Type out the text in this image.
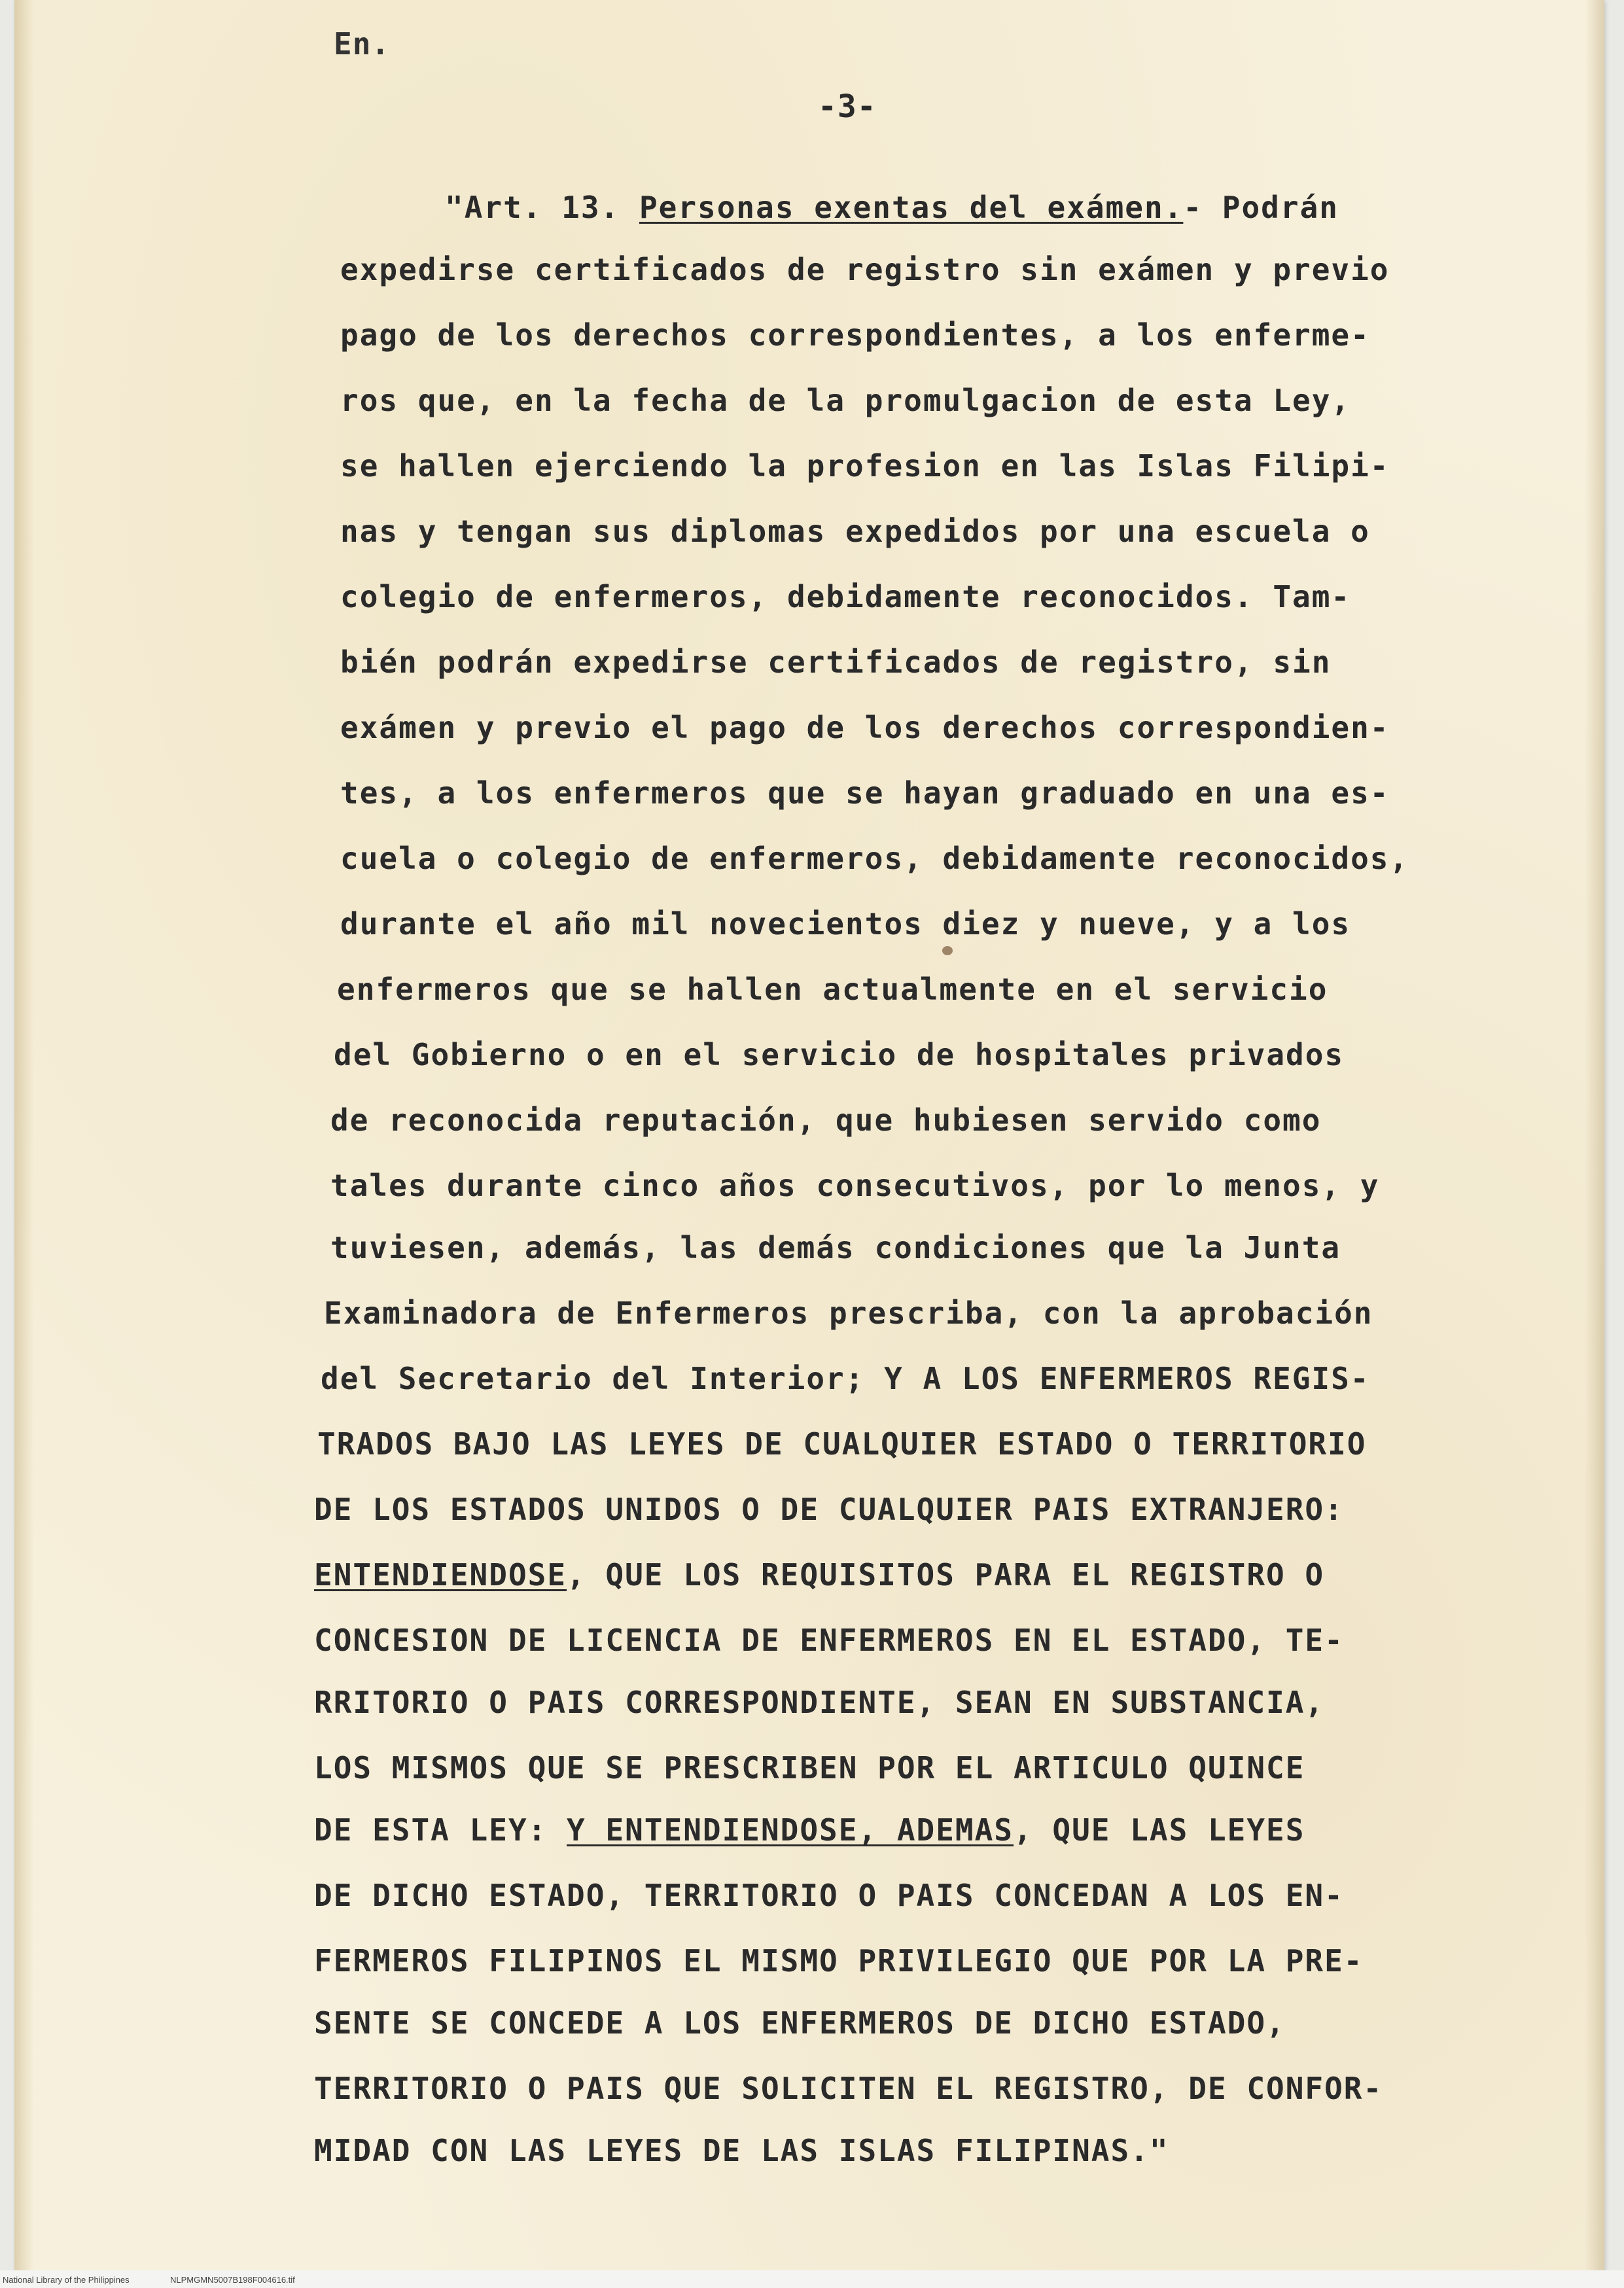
En.
-3-
"Art. 13. Personas exentas del exámen.- Podrán
expedirse certificados de registro sin exámen y previo
pago de los derechos correspondientes, a los enferme-
ros que, en la fecha de la promulgacion de esta Ley,
se hallen ejerciendo la profesion en las Islas Filipi-
nas y tengan sus diplomas expedidos por una escuela o
colegio de enfermeros, debidamente reconocidos. Tam-
bién podrán expedirse certificados de registro, sin
exámen y previo el pago de los derechos correspondien-
tes, a los enfermeros que se hayan graduado en una es-
cuela o colegio de enfermeros, debidamente reconocidos,
durante el año mil novecientos diez y nueve, y a los
enfermeros que se hallen actualmente en el servicio
del Gobierno o en el servicio de hospitales privados
de reconocida reputación, que hubiesen servido como
tales durante cinco años consecutivos, por lo menos, y
tuviesen, además, las demás condiciones que la Junta
Examinadora de Enfermeros prescriba, con la aprobación
del Secretario del Interior; Y A LOS ENFERMEROS REGIS-
TRADOS BAJO LAS LEYES DE CUALQUIER ESTADO O TERRITORIO
DE LOS ESTADOS UNIDOS O DE CUALQUIER PAIS EXTRANJERO:
ENTENDIENDOSE, QUE LOS REQUISITOS PARA EL REGISTRO O
CONCESION DE LICENCIA DE ENFERMEROS EN EL ESTADO, TE-
RRITORIO O PAIS CORRESPONDIENTE, SEAN EN SUBSTANCIA,
LOS MISMOS QUE SE PRESCRIBEN POR EL ARTICULO QUINCE
DE ESTA LEY: Y ENTENDIENDOSE, ADEMAS, QUE LAS LEYES
DE DICHO ESTADO, TERRITORIO O PAIS CONCEDAN A LOS EN-
FERMEROS FILIPINOS EL MISMO PRIVILEGIO QUE POR LA PRE-
SENTE SE CONCEDE A LOS ENFERMEROS DE DICHO ESTADO,
TERRITORIO O PAIS QUE SOLICITEN EL REGISTRO, DE CONFOR-
MIDAD CON LAS LEYES DE LAS ISLAS FILIPINAS."
National Library of the Philippines	NLPMGMN5007B198F004616.tif
